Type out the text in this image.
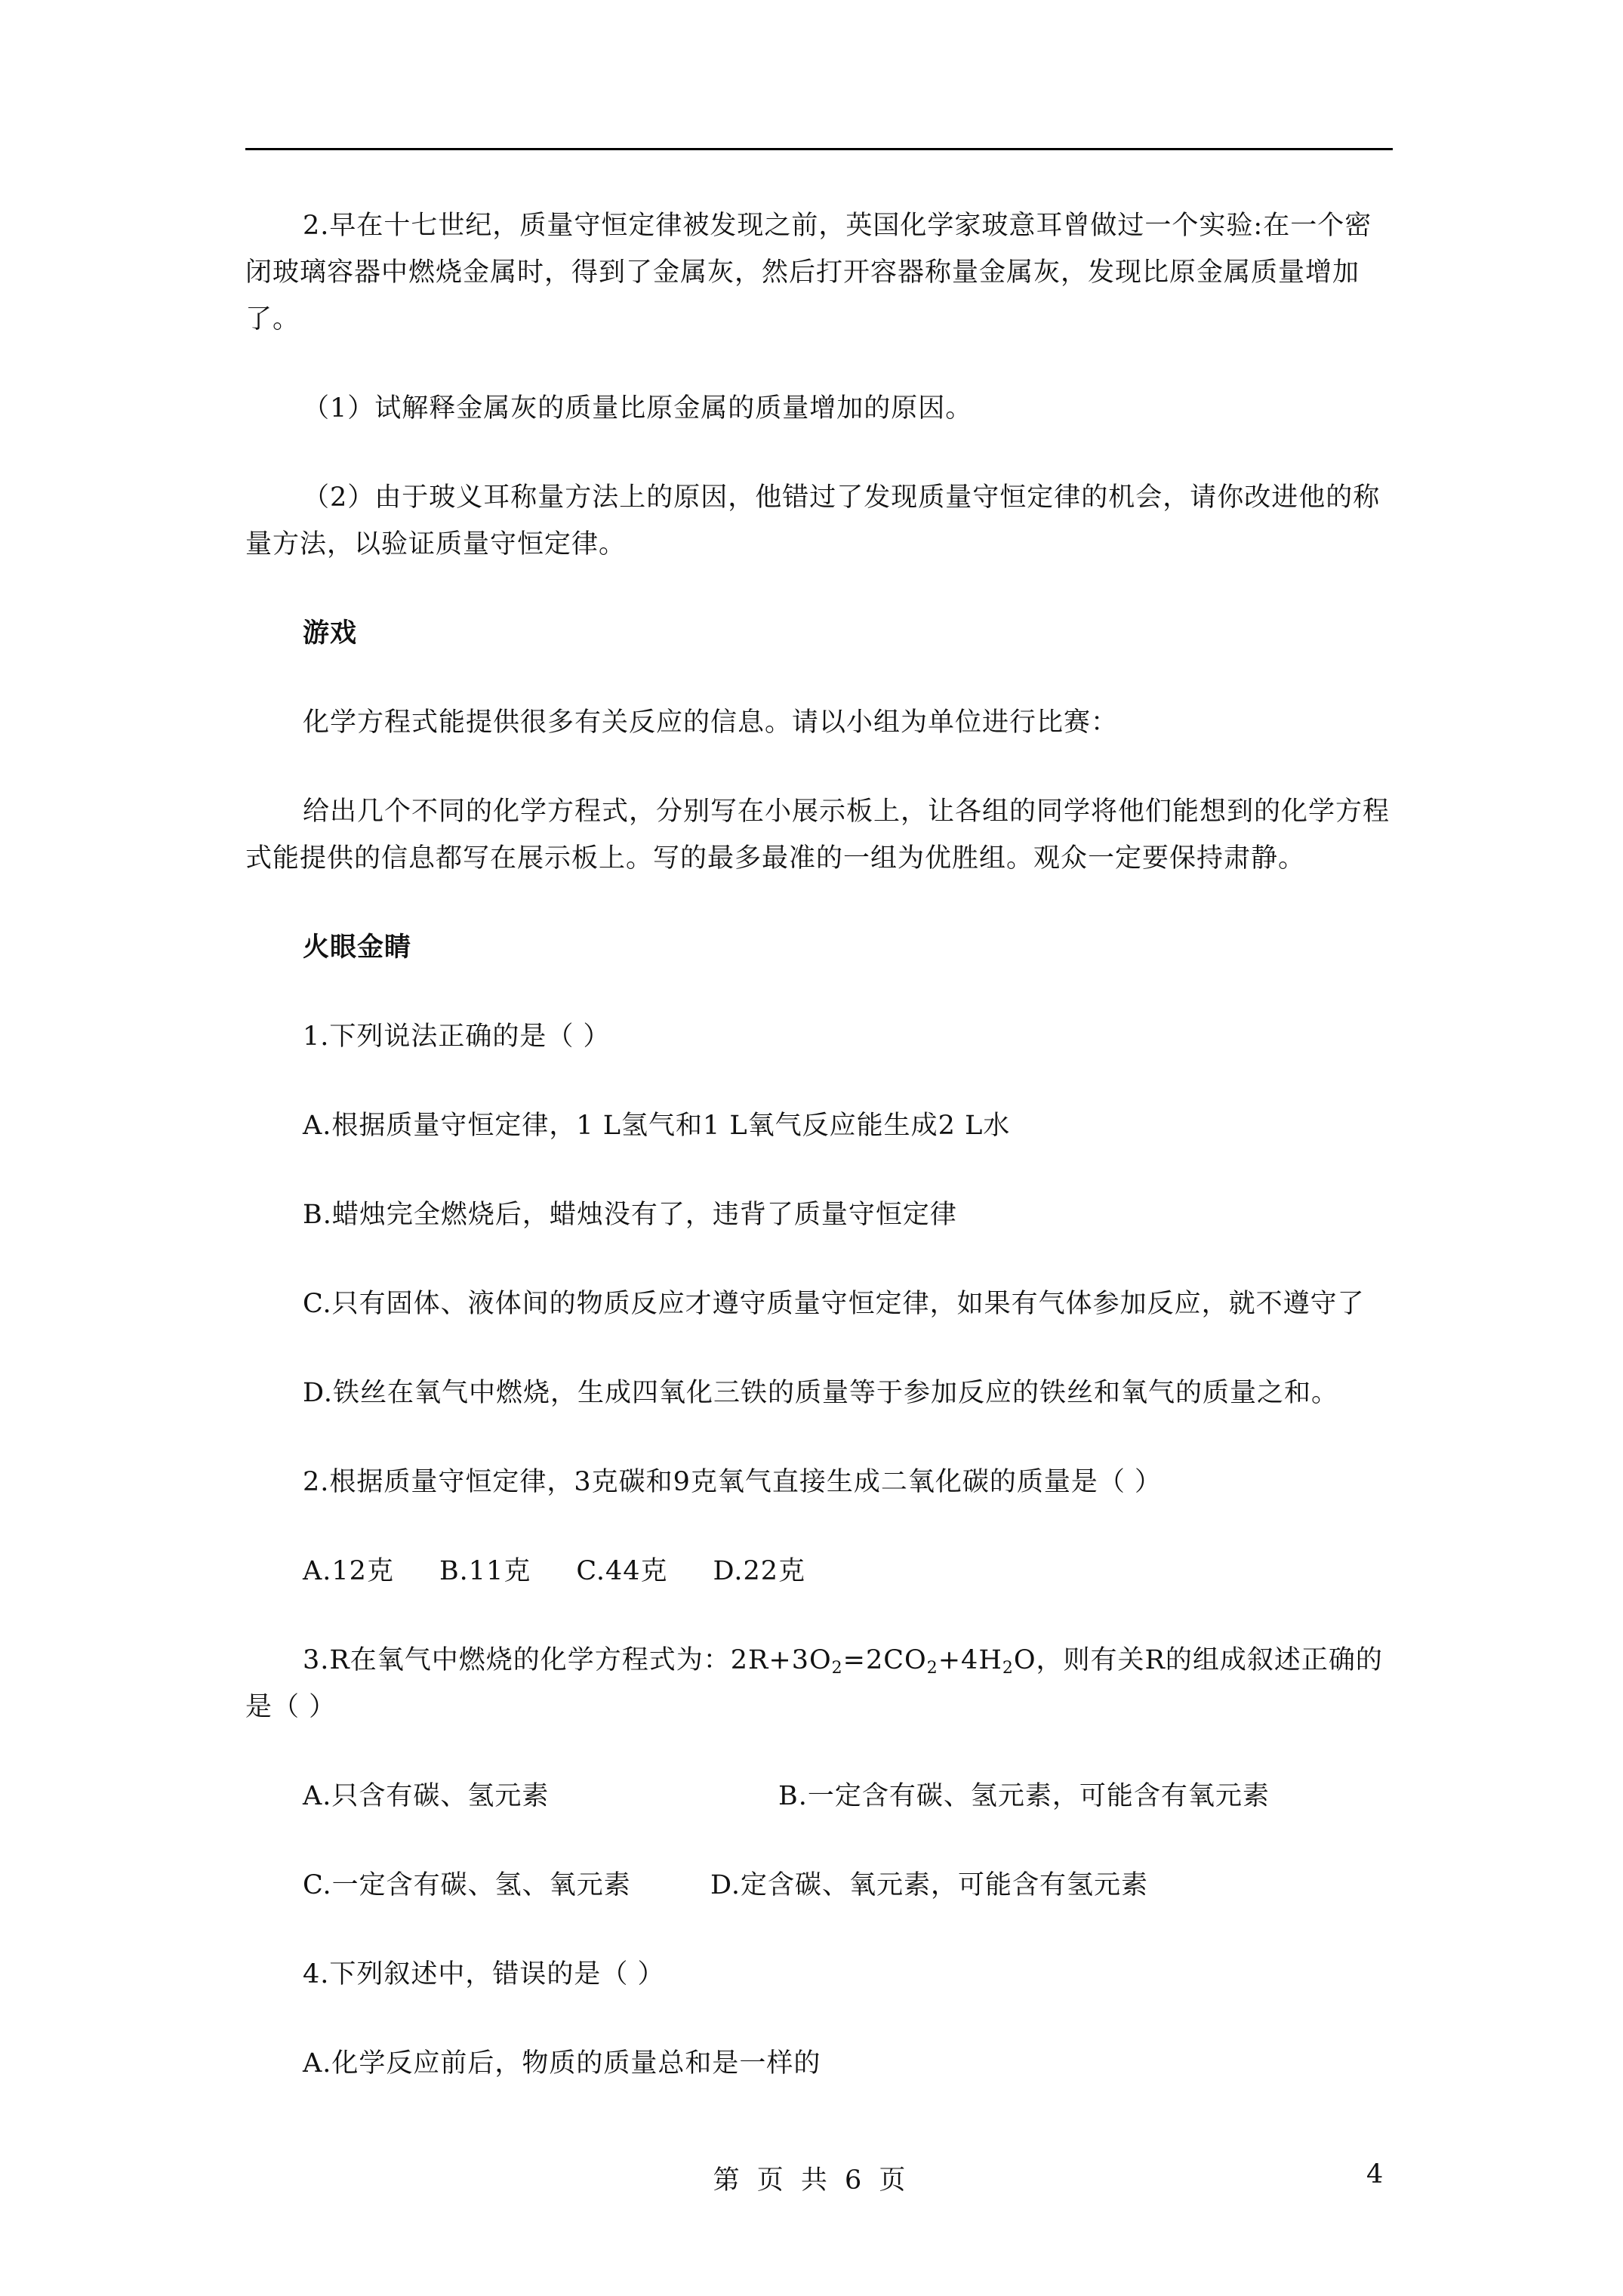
2.早在十七世纪，质量守恒定律被发现之前，英国化学家玻意耳曾做过一个实验:在一个密闭玻璃容器中燃烧金属时，得到了金属灰，然后打开容器称量金属灰，发现比原金属质量增加了。

（1）试解释金属灰的质量比原金属的质量增加的原因。

（2）由于玻义耳称量方法上的原因，他错过了发现质量守恒定律的机会，请你改进他的称量方法，以验证质量守恒定律。

游戏

化学方程式能提供很多有关反应的信息。请以小组为单位进行比赛：

给出几个不同的化学方程式，分别写在小展示板上，让各组的同学将他们能想到的化学方程式能提供的信息都写在展示板上。写的最多最准的一组为优胜组。观众一定要保持肃静。

火眼金睛

1.下列说法正确的是（ ）

A.根据质量守恒定律，1 L氢气和1 L氧气反应能生成2 L水

B.蜡烛完全燃烧后，蜡烛没有了，违背了质量守恒定律

C.只有固体、液体间的物质反应才遵守质量守恒定律，如果有气体参加反应，就不遵守了

D.铁丝在氧气中燃烧，生成四氧化三铁的质量等于参加反应的铁丝和氧气的质量之和。

2.根据质量守恒定律，3克碳和9克氧气直接生成二氧化碳的质量是（ ）

A.12克 B.11克 C.44克 D.22克

3.R在氧气中燃烧的化学方程式为：$2R+3O_2=2CO_2+4H_2O$，则有关R的组成叙述正确的是（ ）

A.只含有碳、氢元素	B.一定含有碳、氢元素，可能含有氧元素
C.一定含有碳、氢、氧元素	D.定含碳、氧元素，可能含有氢元素

4.下列叙述中，错误的是（ ）

A.化学反应前后，物质的质量总和是一样的

第 页 共 6 页	4
